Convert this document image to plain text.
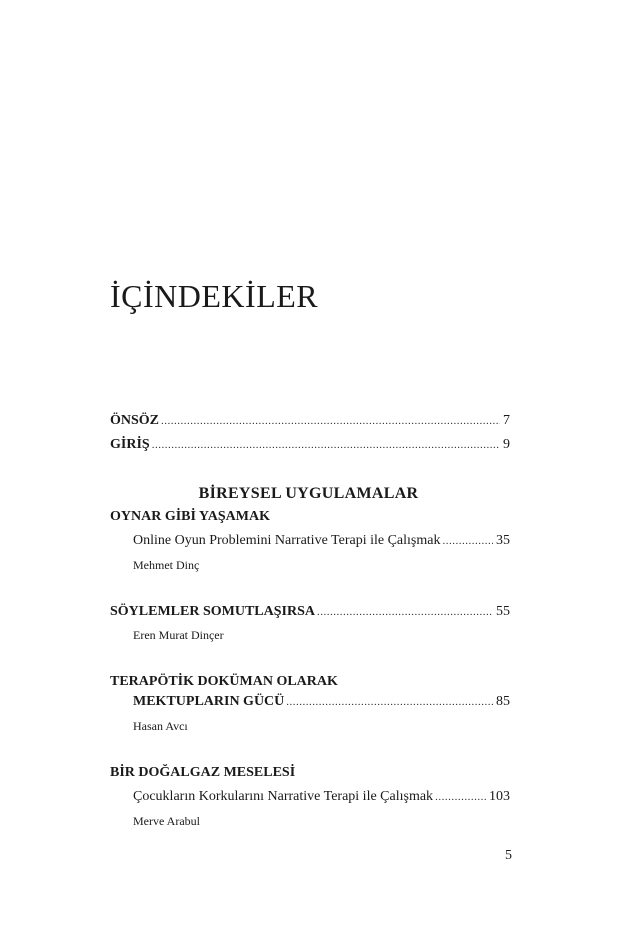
İÇİNDEKİLER
ÖNSÖZ .....	7
GİRİŞ .....	9
BİREYSEL UYGULAMALAR
OYNAR GİBİ YAŞAMAK
Online Oyun Problemini Narrative Terapi ile Çalışmak .....	35
Mehmet Dinç
SÖYLEMLER SOMUTLAŞIRSA .....	55
Eren Murat Dinçer
TERAPÖTİK DOKÜMAN OLARAK
MEKTUPLARIN GÜCÜ .....	85
Hasan Avcı
BİR DOĞALGAZ MESELESİ
Çocukların Korkularını Narrative Terapi ile Çalışmak .....	103
Merve Arabul
5
